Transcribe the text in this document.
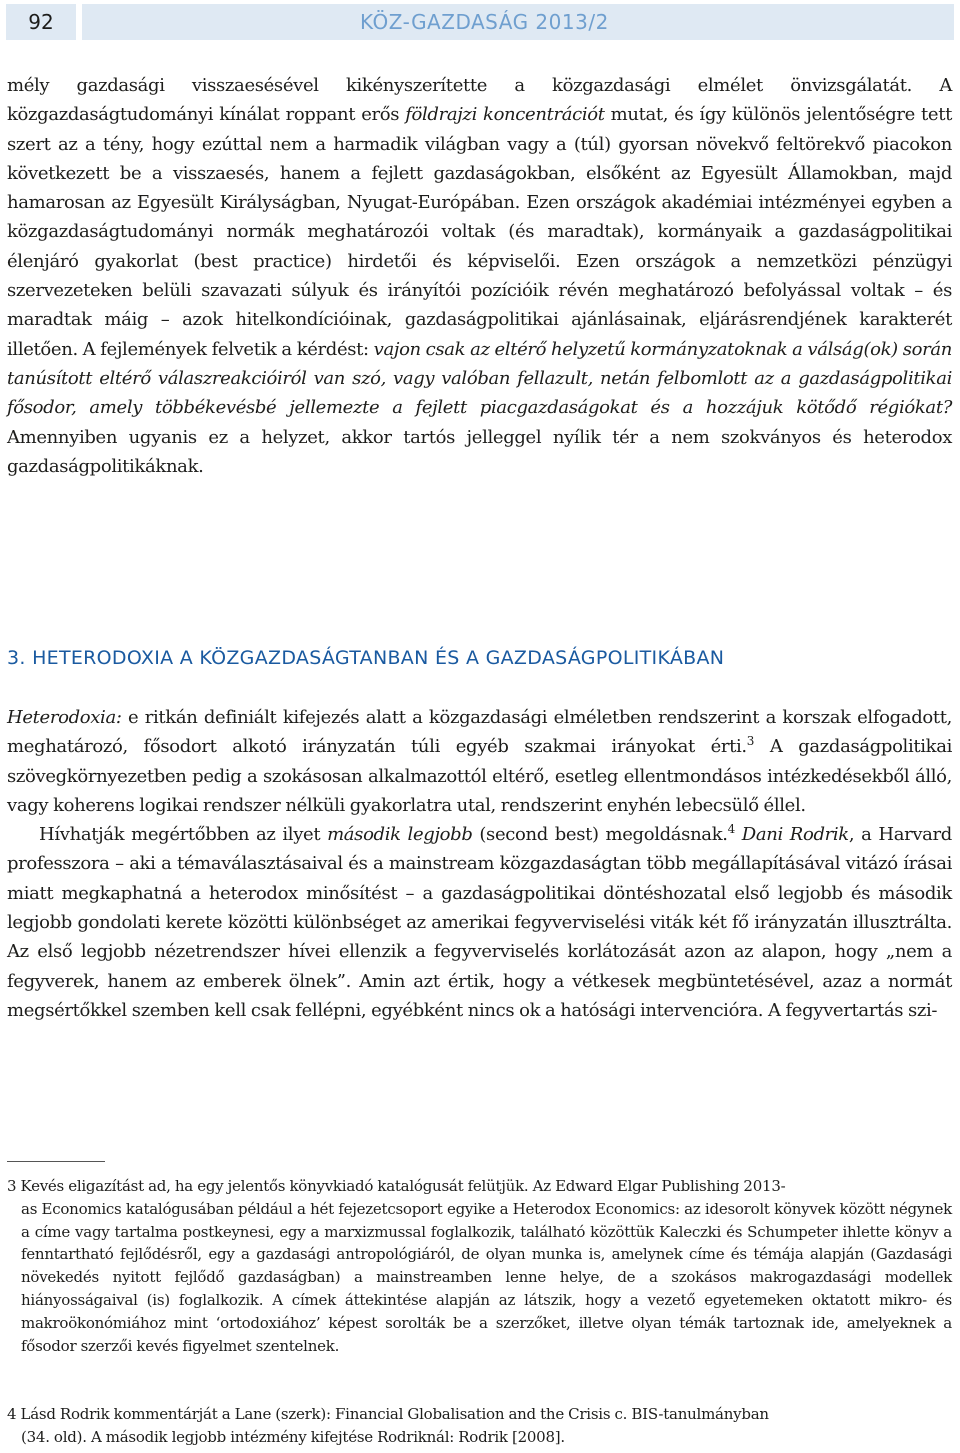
92	KÖZ-GAZDASÁG 2013/2

mély gazdasági visszaesésével kikényszerítette a közgazdasági elmélet önvizsgálatát. A közgazdaságtudományi kínálat roppant erős földrajzi koncentrációt mutat, és így különös jelentőségre tett szert az a tény, hogy ezúttal nem a harmadik világban vagy a (túl) gyorsan növekvő feltörekvő piacokon következett be a visszaesés, hanem a fejlett gazdaságokban, elsőként az Egyesült Államokban, majd hamarosan az Egyesült Királyságban, Nyugat-Európában. Ezen országok akadémiai intézményei egyben a közgazdaságtudományi normák meghatározói voltak (és maradtak), kormányaik a gazdaságpolitikai élenjáró gyakorlat (best practice) hirdetői és képviselői. Ezen országok a nemzetközi pénzügyi szervezeteken belüli szavazati súlyuk és irányítói pozícióik révén meghatározó befolyással voltak – és maradtak máig – azok hitelkondícióinak, gazdaságpolitikai ajánlásainak, eljárásrendjének karakterét illetően. A fejlemények felvetik a kérdést: vajon csak az eltérő helyzetű kormányzatoknak a válság(ok) során tanúsított eltérő válaszreakcióiról van szó, vagy valóban fellazult, netán felbomlott az a gazdaságpolitikai fősodor, amely többékevésbé jellemezte a fejlett piacgazdaságokat és a hozzájuk kötődő régiókat? Amennyiben ugyanis ez a helyzet, akkor tartós jelleggel nyílik tér a nem szokványos és heterodox gazdaságpolitikáknak.

3. HETERODOXIA A KÖZGAZDASÁGTANBAN ÉS A GAZDASÁGPOLITIKÁBAN
Heterodoxia: e ritkán definiált kifejezés alatt a közgazdasági elméletben rendszerint a korszak elfogadott, meghatározó, fősodort alkotó irányzatán túli egyéb szakmai irányokat érti.$^3$ A gazdaságpolitikai szövegkörnyezetben pedig a szokásosan alkalmazottól eltérő, esetleg ellentmondásos intézkedésekből álló, vagy koherens logikai rendszer nélküli gyakorlatra utal, rendszerint enyhén lebecsülő éllel.
Hívhatják megértőbben az ilyet második legjobb (second best) megoldásnak.$^4$ Dani Rodrik, a Harvard professzora – aki a témaválasztásaival és a mainstream közgazdaságtan több megállapításával vitázó írásai miatt megkaphatná a heterodox minősítést – a gazdaságpolitikai döntéshozatal első legjobb és második legjobb gondolati kerete közötti különbséget az amerikai fegyverviselési viták két fő irányzatán illusztrálta. Az első legjobb nézetrendszer hívei ellenzik a fegyverviselés korlátozását azon az alapon, hogy „nem a fegyverek, hanem az emberek ölnek”. Amin azt értik, hogy a vétkesek megbüntetésével, azaz a normát megsértőkkel szemben kell csak fellépni, egyébként nincs ok a hatósági intervencióra. A fegyvertartás szi-

3 Kevés eligazítást ad, ha egy jelentős könyvkiadó katalógusát felütjük. Az Edward Elgar Publishing 2013-
as Economics katalógusában például a hét fejezetcsoport egyike a Heterodox Economics: az idesorolt könyvek között négynek a címe vagy tartalma postkeynesi, egy a marxizmussal foglalkozik, található közöttük Kaleczki és Schumpeter ihlette könyv a fenntartható fejlődésről, egy a gazdasági antropológiáról, de olyan munka is, amelynek címe és témája alapján (Gazdasági növekedés nyitott fejlődő gazdaságban) a mainstreamben lenne helye, de a szokásos makrogazdasági modellek hiányosságaival (is) foglalkozik. A címek áttekintése alapján az látszik, hogy a vezető egyetemeken oktatott mikro- és makroökonómiához mint ‘ortodoxiához’ képest sorolták be a szerzőket, illetve olyan témák tartoznak ide, amelyeknek a fősodor szerzői kevés figyelmet szentelnek.

4 Lásd Rodrik kommentárját a Lane (szerk): Financial Globalisation and the Crisis c. BIS-tanulmányban
(34. old). A második legjobb intézmény kifejtése Rodriknál: Rodrik [2008].
